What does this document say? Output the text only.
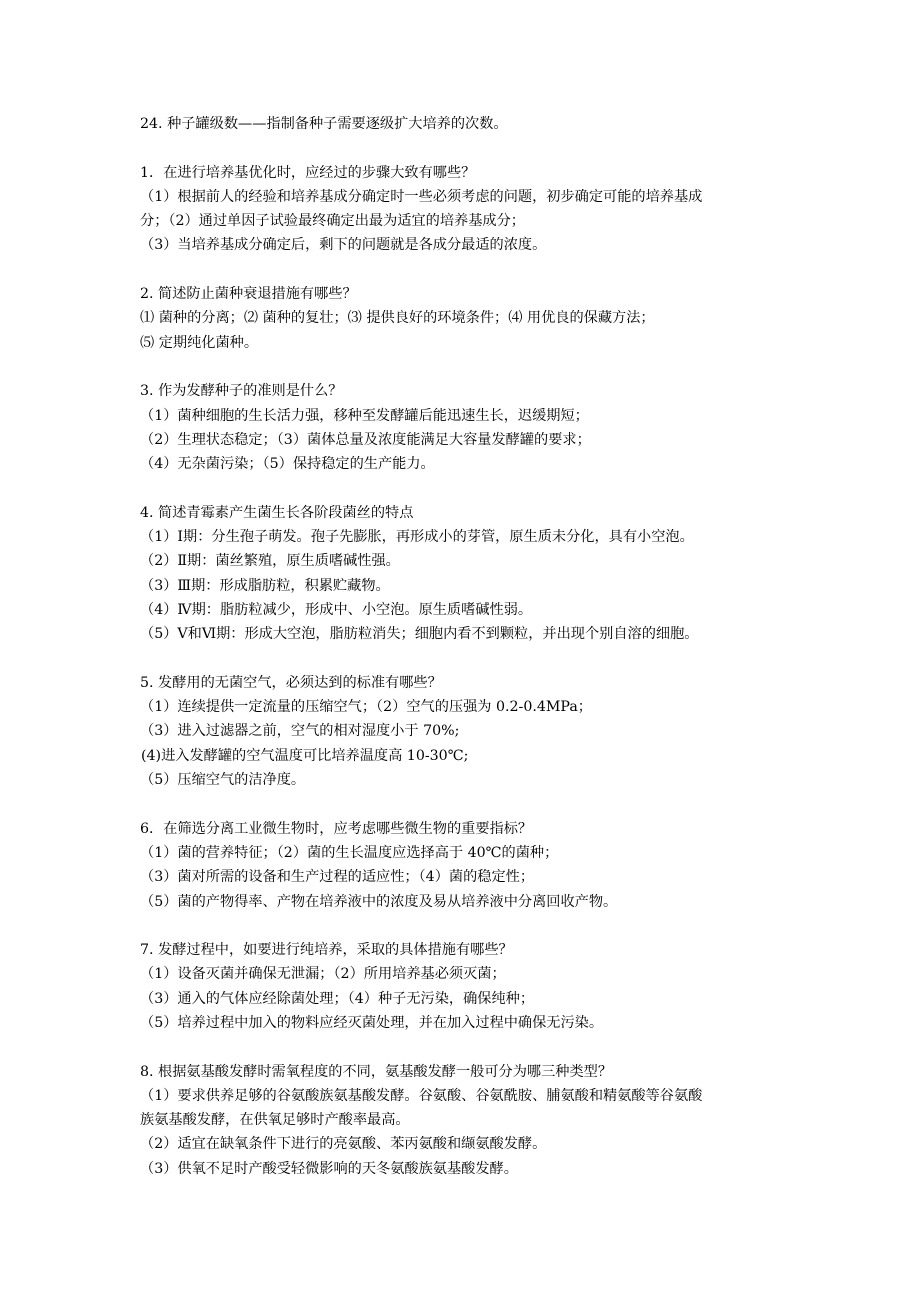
24. 种子罐级数——指制备种子需要逐级扩大培养的次数。

1．在进行培养基优化时，应经过的步骤大致有哪些？

（1）根据前人的经验和培养基成分确定时一些必须考虑的问题，初步确定可能的培养基成

分；（2）通过单因子试验最终确定出最为适宜的培养基成分；

（3）当培养基成分确定后，剩下的问题就是各成分最适的浓度。

2. 简述防止菌种衰退措施有哪些？

⑴ 菌种的分离；⑵ 菌种的复壮；⑶ 提供良好的环境条件；⑷ 用优良的保藏方法；

⑸ 定期纯化菌种。

3. 作为发酵种子的准则是什么？

（1）菌种细胞的生长活力强，移种至发酵罐后能迅速生长，迟缓期短；

（2）生理状态稳定；（3）菌体总量及浓度能满足大容量发酵罐的要求；

（4）无杂菌污染；（5）保持稳定的生产能力。

4. 简述青霉素产生菌生长各阶段菌丝的特点

（1）Ⅰ期：分生孢子萌发。孢子先膨胀，再形成小的芽管，原生质未分化，具有小空泡。

（2）Ⅱ期：菌丝繁殖，原生质嗜碱性强。

（3）Ⅲ期：形成脂肪粒，积累贮藏物。

（4）Ⅳ期：脂肪粒减少，形成中、小空泡。原生质嗜碱性弱。

（5）Ⅴ和Ⅵ期：形成大空泡，脂肪粒消失；细胞内看不到颗粒，并出现个别自溶的细胞。

5. 发酵用的无菌空气，必须达到的标准有哪些？

（1）连续提供一定流量的压缩空气；（2）空气的压强为 0.2-0.4MPa；

（3）进入过滤器之前，空气的相对湿度小于 70%;

(4)进入发酵罐的空气温度可比培养温度高 10-30℃;

（5）压缩空气的洁净度。

6．在筛选分离工业微生物时，应考虑哪些微生物的重要指标？

（1）菌的营养特征；（2）菌的生长温度应选择高于 40℃的菌种；

（3）菌对所需的设备和生产过程的适应性；（4）菌的稳定性；

（5）菌的产物得率、产物在培养液中的浓度及易从培养液中分离回收产物。

7. 发酵过程中，如要进行纯培养，采取的具体措施有哪些？

（1）设备灭菌并确保无泄漏；（2）所用培养基必须灭菌；

（3）通入的气体应经除菌处理；（4）种子无污染，确保纯种；

（5）培养过程中加入的物料应经灭菌处理，并在加入过程中确保无污染。

8. 根据氨基酸发酵时需氧程度的不同，氨基酸发酵一般可分为哪三种类型？

（1）要求供养足够的谷氨酸族氨基酸发酵。谷氨酸、谷氨酰胺、脯氨酸和精氨酸等谷氨酸

族氨基酸发酵，在供氧足够时产酸率最高。

（2）适宜在缺氧条件下进行的亮氨酸、苯丙氨酸和缬氨酸发酵。

（3）供氧不足时产酸受轻微影响的天冬氨酸族氨基酸发酵。
